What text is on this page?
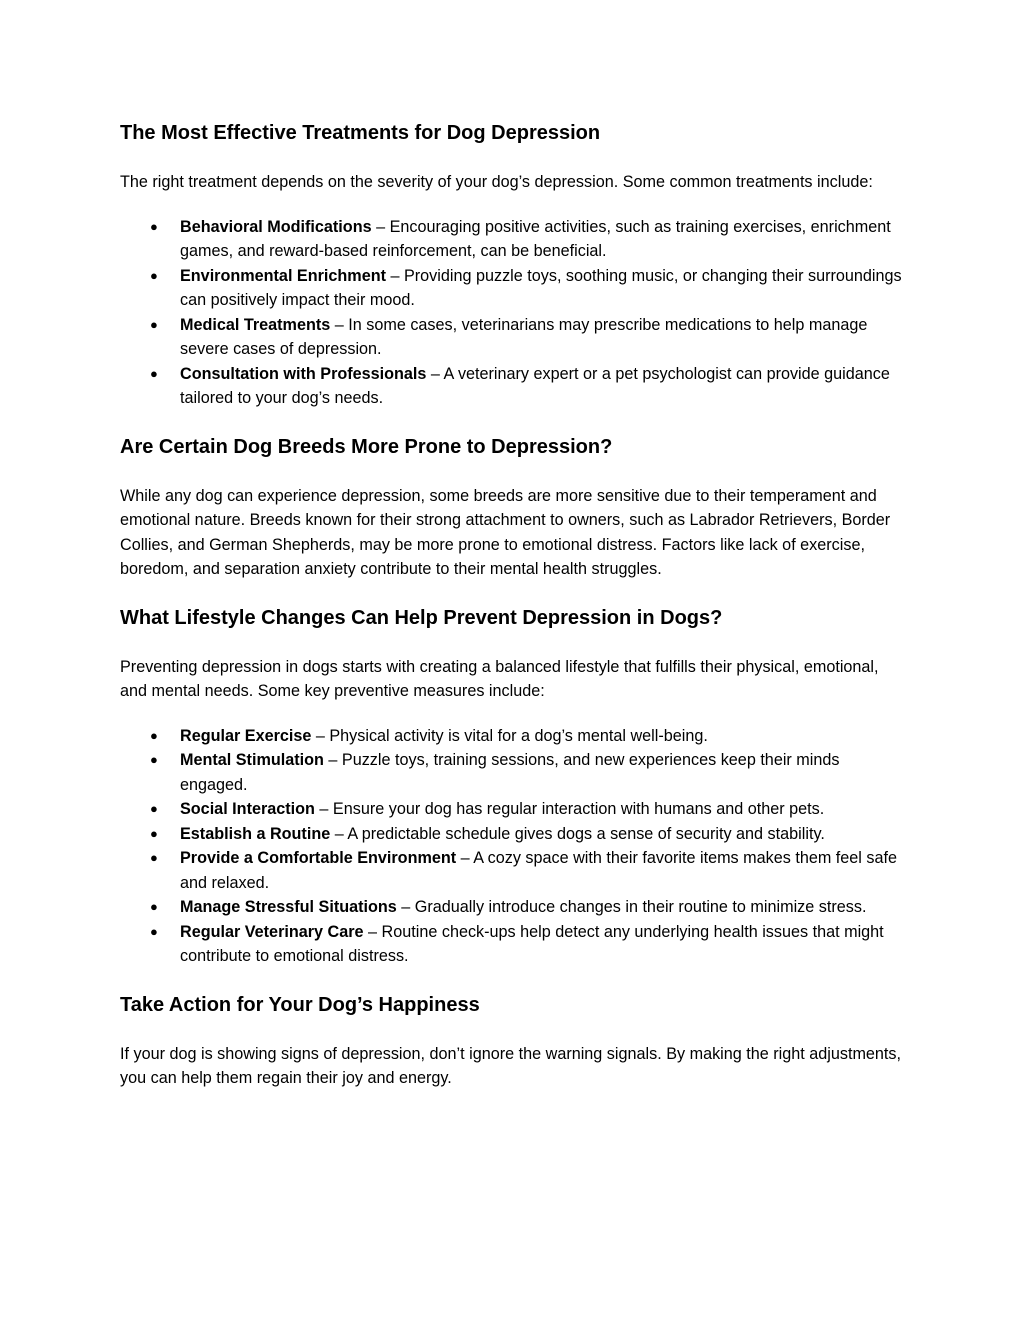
The Most Effective Treatments for Dog Depression

The right treatment depends on the severity of your dog’s depression. Some common treatments include:

● Behavioral Modifications – Encouraging positive activities, such as training exercises, enrichment games, and reward-based reinforcement, can be beneficial.
● Environmental Enrichment – Providing puzzle toys, soothing music, or changing their surroundings can positively impact their mood.
● Medical Treatments – In some cases, veterinarians may prescribe medications to help manage severe cases of depression.
● Consultation with Professionals – A veterinary expert or a pet psychologist can provide guidance tailored to your dog’s needs.
Are Certain Dog Breeds More Prone to Depression?

While any dog can experience depression, some breeds are more sensitive due to their temperament and emotional nature. Breeds known for their strong attachment to owners, such as Labrador Retrievers, Border Collies, and German Shepherds, may be more prone to emotional distress. Factors like lack of exercise, boredom, and separation anxiety contribute to their mental health struggles.

What Lifestyle Changes Can Help Prevent Depression in Dogs?

Preventing depression in dogs starts with creating a balanced lifestyle that fulfills their physical, emotional, and mental needs. Some key preventive measures include:

● Regular Exercise – Physical activity is vital for a dog’s mental well-being.
● Mental Stimulation – Puzzle toys, training sessions, and new experiences keep their minds engaged.
● Social Interaction – Ensure your dog has regular interaction with humans and other pets.
● Establish a Routine – A predictable schedule gives dogs a sense of security and stability.
● Provide a Comfortable Environment – A cozy space with their favorite items makes them feel safe and relaxed.
● Manage Stressful Situations – Gradually introduce changes in their routine to minimize stress.
● Regular Veterinary Care – Routine check-ups help detect any underlying health issues that might contribute to emotional distress.
Take Action for Your Dog’s Happiness

If your dog is showing signs of depression, don’t ignore the warning signals. By making the right adjustments, you can help them regain their joy and energy.
